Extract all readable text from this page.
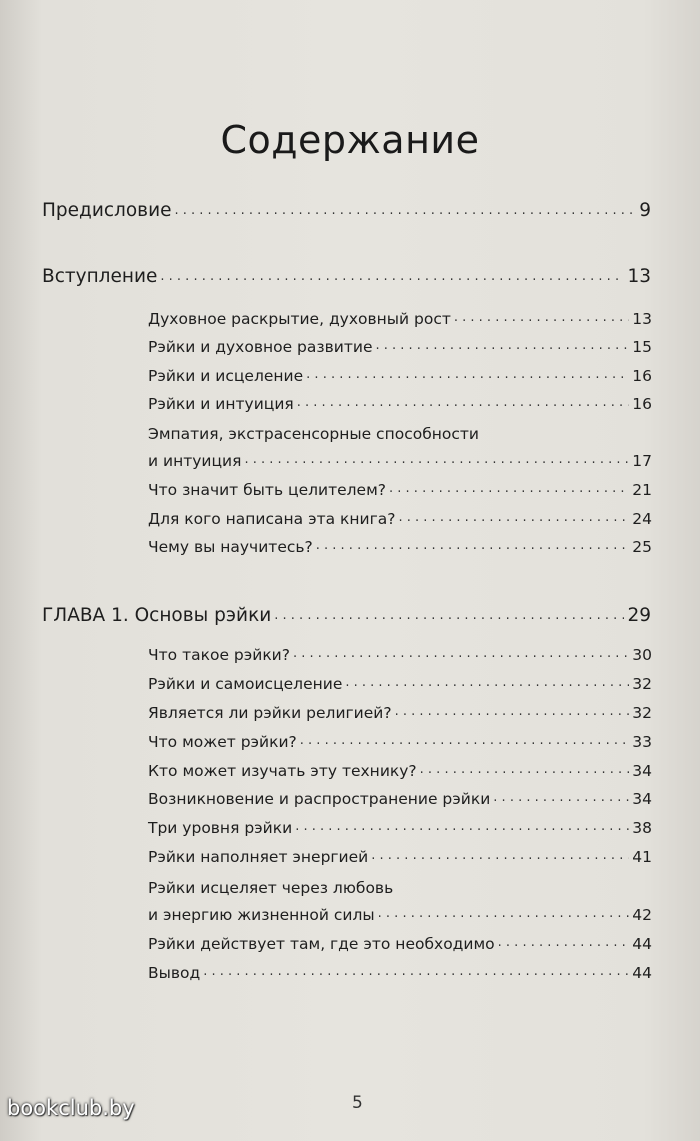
Содержание
Предисловие . . .	9
Вступление . . .	13
Духовное раскрытие, духовный рост . . .	13
Рэйки и духовное развитие . . .	15
Рэйки и исцеление . . .	16
Рэйки и интуиция . . .	16
Эмпатия, экстрасенсорные способности
и интуиция . . .	17
Что значит быть целителем? . . .	21
Для кого написана эта книга? . . .	24
Чему вы научитесь? . . .	25
ГЛАВА 1. Основы рэйки . . .	29
Что такое рэйки? . . .	30
Рэйки и самоисцеление . . .	32
Является ли рэйки религией? . . .	32
Что может рэйки? . . .	33
Кто может изучать эту технику? . . .	34
Возникновение и распространение рэйки . . .	34
Три уровня рэйки . . .	38
Рэйки наполняет энергией . . .	41
Рэйки исцеляет через любовь
и энергию жизненной силы . . .	42
Рэйки действует там, где это необходимо . . .	44
Вывод . . .	44
5
bookclub.by
